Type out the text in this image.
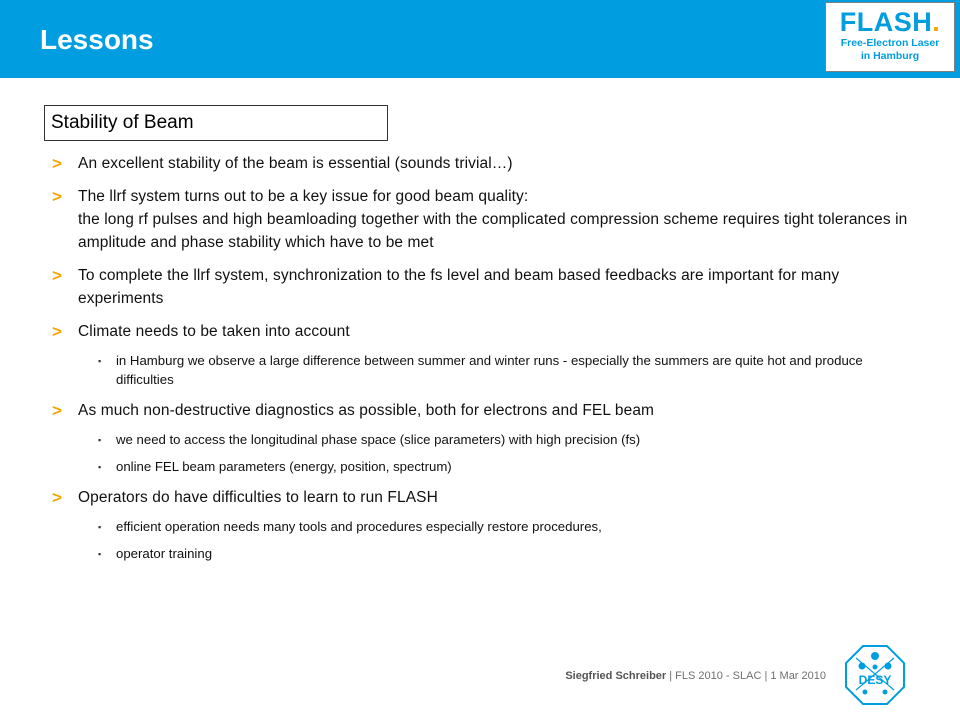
Lessons
FLASH.
Free-Electron Laser
in Hamburg
Stability of Beam
> An excellent stability of the beam is essential (sounds trivial…)
> The llrf system turns out to be a key issue for good beam quality:
the long rf pulses and high beamloading together with the complicated compression scheme requires tight tolerances in amplitude and phase stability which have to be met
> To complete the llrf system, synchronization to the fs level and beam based feedbacks are important for many experiments
> Climate needs to be taken into account
▪ in Hamburg we observe a large difference between summer and winter runs - especially the summers are quite hot and produce difficulties
> As much non-destructive diagnostics as possible, both for electrons and FEL beam
▪ we need to access the longitudinal phase space (slice parameters) with high precision (fs)
▪ online FEL beam parameters (energy, position, spectrum)
> Operators do have difficulties to learn to run FLASH
▪ efficient operation needs many tools and procedures especially restore procedures,
▪ operator training
Siegfried Schreiber | FLS 2010 - SLAC | 1 Mar 2010	DESY
